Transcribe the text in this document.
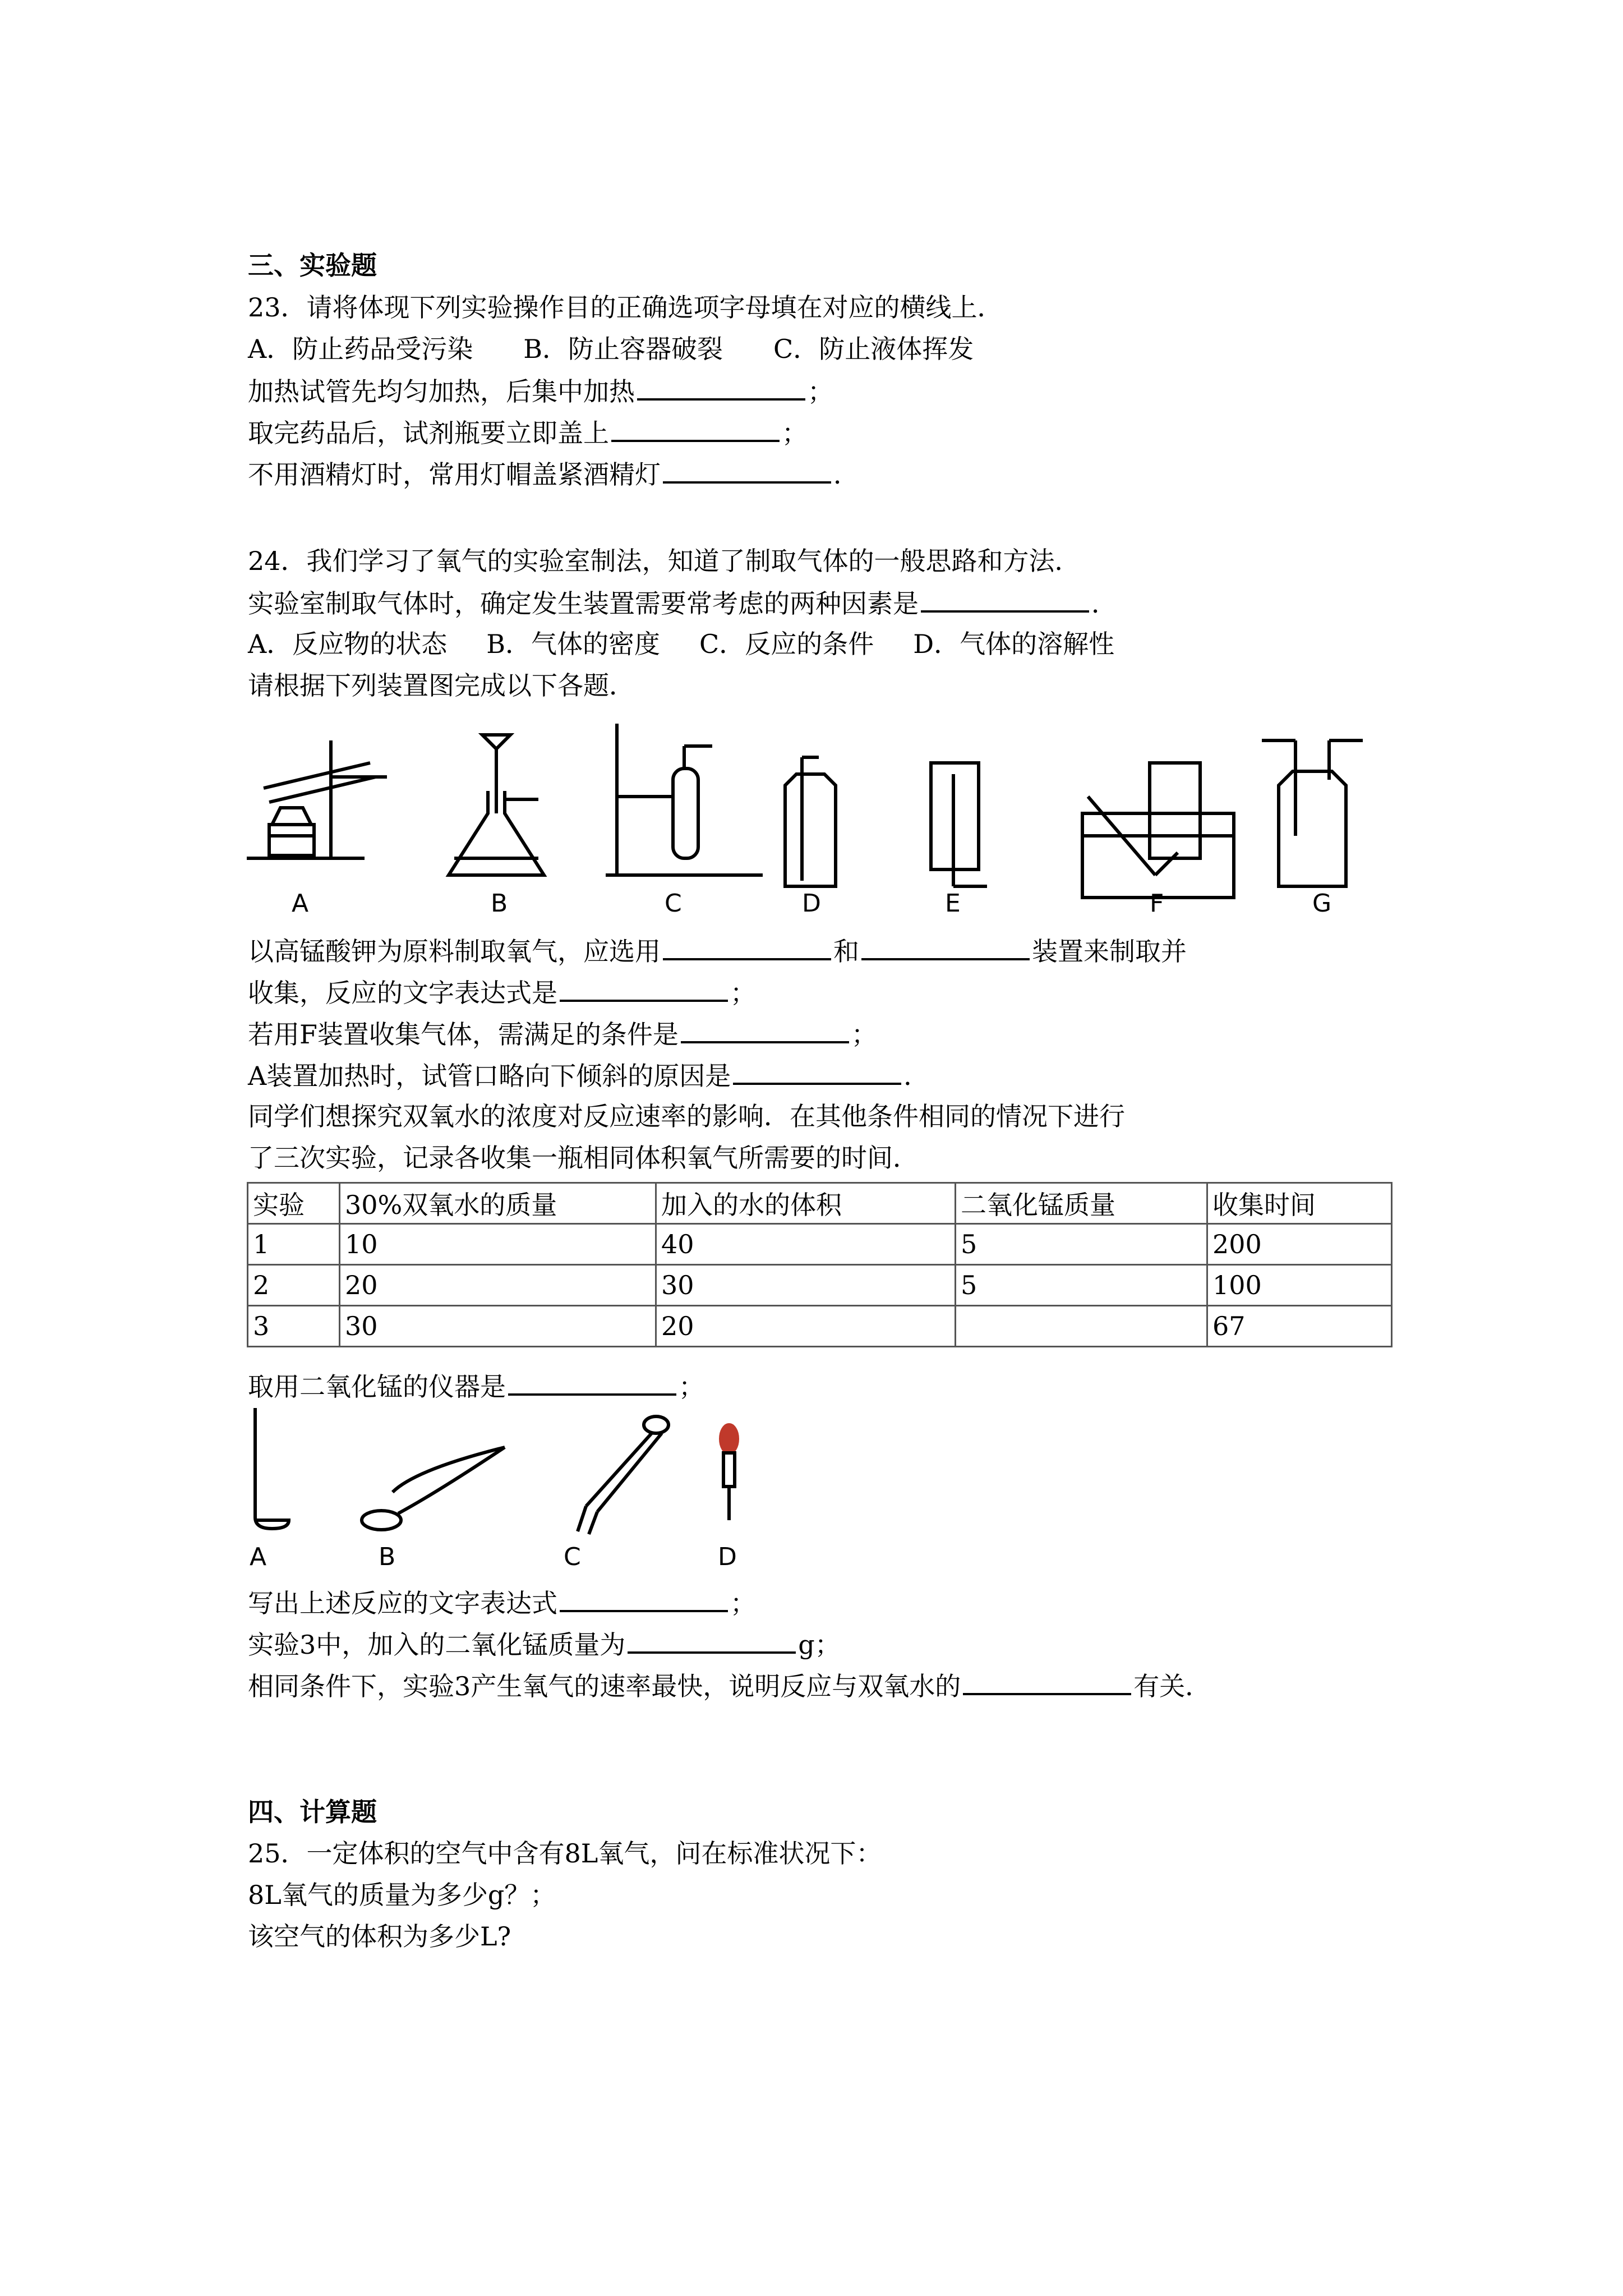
三、实验题
23．请将体现下列实验操作目的正确选项字母填在对应的横线上．
A．防止药品受污染 B．防止容器破裂 C．防止液体挥发
加热试管先均匀加热，后集中加热	；
取完药品后，试剂瓶要立即盖上	；
不用酒精灯时，常用灯帽盖紧酒精灯	．
24．我们学习了氧气的实验室制法，知道了制取气体的一般思路和方法．
实验室制取气体时，确定发生装置需要常考虑的两种因素是	．
A．反应物的状态 B．气体的密度 C．反应的条件 D．气体的溶解性
请根据下列装置图完成以下各题．
A	B	C	D	E	F	G
以高锰酸钾为原料制取氧气，应选用	和	装置来制取并
收集，反应的文字表达式是	；
若用F装置收集气体，需满足的条件是	；
A装置加热时，试管口略向下倾斜的原因是	．
同学们想探究双氧水的浓度对反应速率的影响．在其他条件相同的情况下进行
了三次实验，记录各收集一瓶相同体积氧气所需要的时间．
实验	30%双氧水的质量	加入的水的体积	二氧化锰质量	收集时间
1	10	40	5	200
2	20	30	5	100
3	30	20		67
取用二氧化锰的仪器是	；
A	B	C	D
写出上述反应的文字表达式	；
实验3中，加入的二氧化锰质量为	g；
相同条件下，实验3产生氧气的速率最快，说明反应与双氧水的	有关．
四、计算题
25．一定体积的空气中含有8L氧气，问在标准状况下：
8L氧气的质量为多少g？；
该空气的体积为多少L?
